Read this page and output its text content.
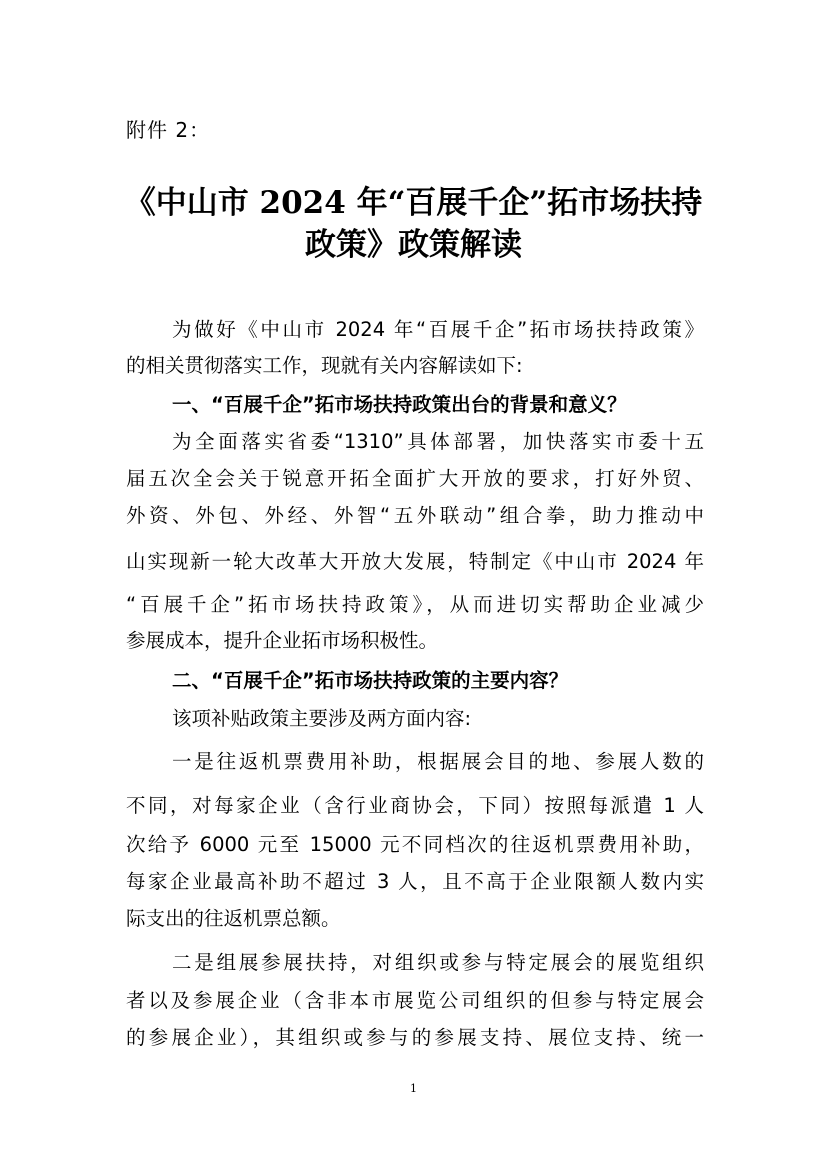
附件 2：
《中山市 2024 年“百展千企”拓市场扶持
政策》政策解读
为做好《中山市 2024 年“百展千企”拓市场扶持政策》
的相关贯彻落实工作，现就有关内容解读如下:
一、“百展千企”拓市场扶持政策出台的背景和意义？
为全面落实省委“1310”具体部署，加快落实市委十五
届五次全会关于锐意开拓全面扩大开放的要求，打好外贸、
外资、外包、外经、外智“五外联动”组合拳，助力推动中
山实现新一轮大改革大开放大发展，特制定《中山市 2024 年
“百展千企”拓市场扶持政策》，从而进切实帮助企业减少
参展成本，提升企业拓市场积极性。
二、“百展千企”拓市场扶持政策的主要内容？
该项补贴政策主要涉及两方面内容:
一是往返机票费用补助，根据展会目的地、参展人数的
不同，对每家企业（含行业商协会，下同）按照每派遣 1 人
次给予 6000 元至 15000 元不同档次的往返机票费用补助，
每家企业最高补助不超过 3 人，且不高于企业限额人数内实
际支出的往返机票总额。
二是组展参展扶持，对组织或参与特定展会的展览组织
者以及参展企业（含非本市展览公司组织的但参与特定展会
的参展企业），其组织或参与的参展支持、展位支持、统一
1
